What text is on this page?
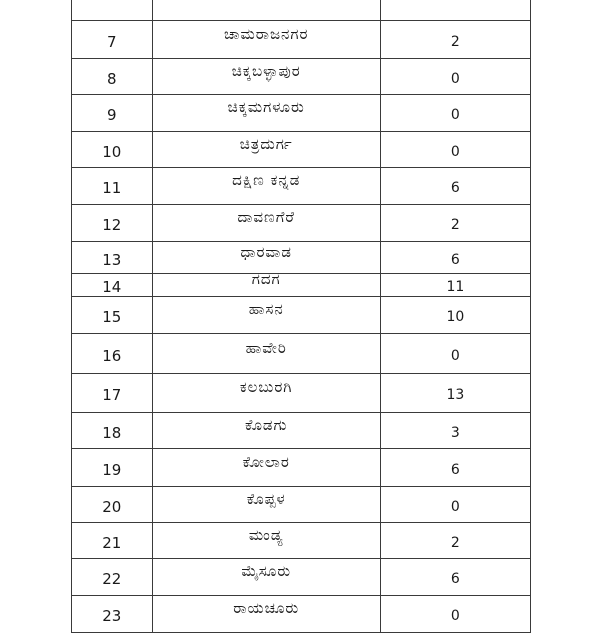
7	ಚಾಮರಾಜನಗರ	2
8	ಚಿಕ್ಕಬಳ್ಳಾಪುರ	0
9	ಚಿಕ್ಕಮಗಳೂರು	0
10	ಚಿತ್ರದುರ್ಗ	0
11	ದಕ್ಷಿಣ ಕನ್ನಡ	6
12	ದಾವಣಗೆರೆ	2
13	ಧಾರವಾಡ	6
14	ಗದಗ	11
15	ಹಾಸನ	10
16	ಹಾವೇರಿ	0
17	ಕಲಬುರಗಿ	13
18	ಕೊಡಗು	3
19	ಕೋಲಾರ	6
20	ಕೊಪ್ಪಳ	0
21	ಮಂಡ್ಯ	2
22	ಮೈಸೂರು	6
23	ರಾಯಚೂರು	0
